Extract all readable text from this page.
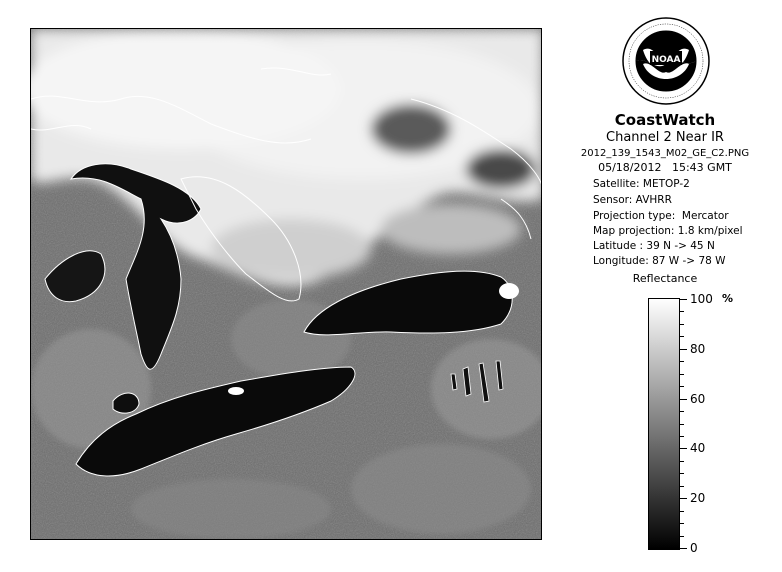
NOAA
CoastWatch
Channel 2 Near IR
2012_139_1543_M02_GE_C2.PNG
05/18/2012   15:43 GMT
Satellite: METOP-2
Sensor: AVHRR
Projection type:  Mercator
Map projection: 1.8 km/pixel
Latitude : 39 N -> 45 N
Longitude: 87 W -> 78 W
Reflectance
%
100
80
60
40
20
0
